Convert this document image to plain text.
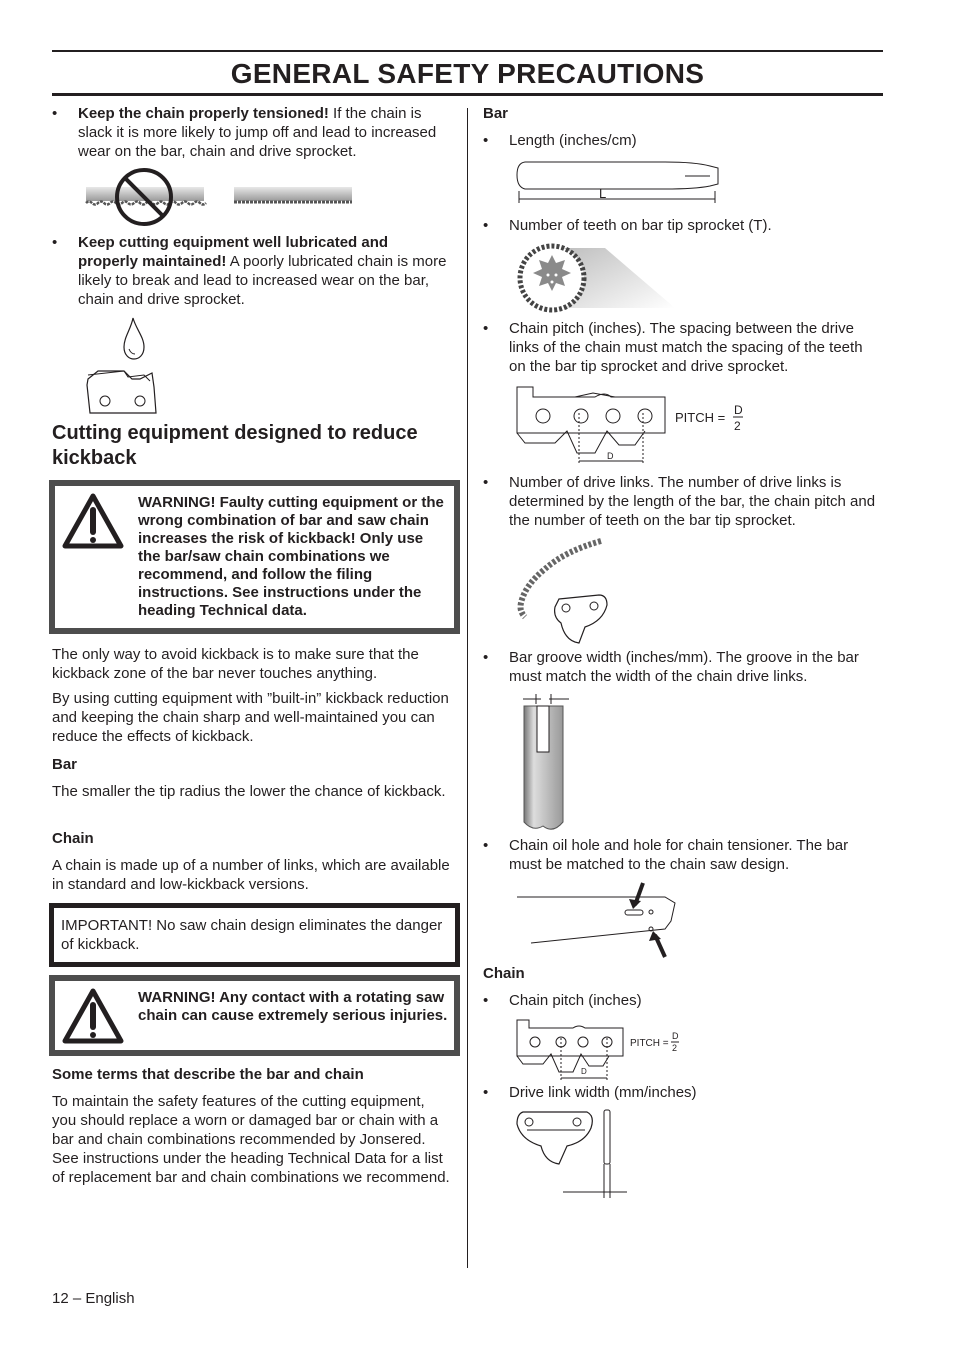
GENERAL SAFETY PRECAUTIONS
• Keep the chain properly tensioned! If the chain is slack it is more likely to jump off and lead to increased wear on the bar, chain and drive sprocket.
• Keep cutting equipment well lubricated and properly maintained! A poorly lubricated chain is more likely to break and lead to increased wear on the bar, chain and drive sprocket.
Cutting equipment designed to reduce kickback
WARNING! Faulty cutting equipment or the wrong combination of bar and saw chain increases the risk of kickback! Only use the bar/saw chain combinations we recommend, and follow the filing instructions. See instructions under the heading Technical data.
The only way to avoid kickback is to make sure that the kickback zone of the bar never touches anything.
By using cutting equipment with ”built-in” kickback reduction and keeping the chain sharp and well-maintained you can reduce the effects of kickback.
Bar
The smaller the tip radius the lower the chance of kickback.
Chain
A chain is made up of a number of links, which are available in standard and low-kickback versions.
IMPORTANT! No saw chain design eliminates the danger of kickback.
WARNING! Any contact with a rotating saw chain can cause extremely serious injuries.
Some terms that describe the bar and chain
To maintain the safety features of the cutting equipment, you should replace a worn or damaged bar or chain with a bar and chain combinations recommended by Jonsered. See instructions under the heading Technical Data for a list of replacement bar and chain combinations we recommend.
Bar
• Length (inches/cm)
L
• Number of teeth on bar tip sprocket (T).
• Chain pitch (inches). The spacing between the drive links of the chain must match the spacing of the teeth on the bar tip sprocket and drive sprocket.
D
PITCH = D
2
• Number of drive links. The number of drive links is determined by the length of the bar, the chain pitch and the number of teeth on the bar tip sprocket.
• Bar groove width (inches/mm). The groove in the bar must match the width of the chain drive links.
• Chain oil hole and hole for chain tensioner. The bar must be matched to the chain saw design.
Chain
• Chain pitch (inches)
D
PITCH =
D
2
• Drive link width (mm/inches)
12 – English
